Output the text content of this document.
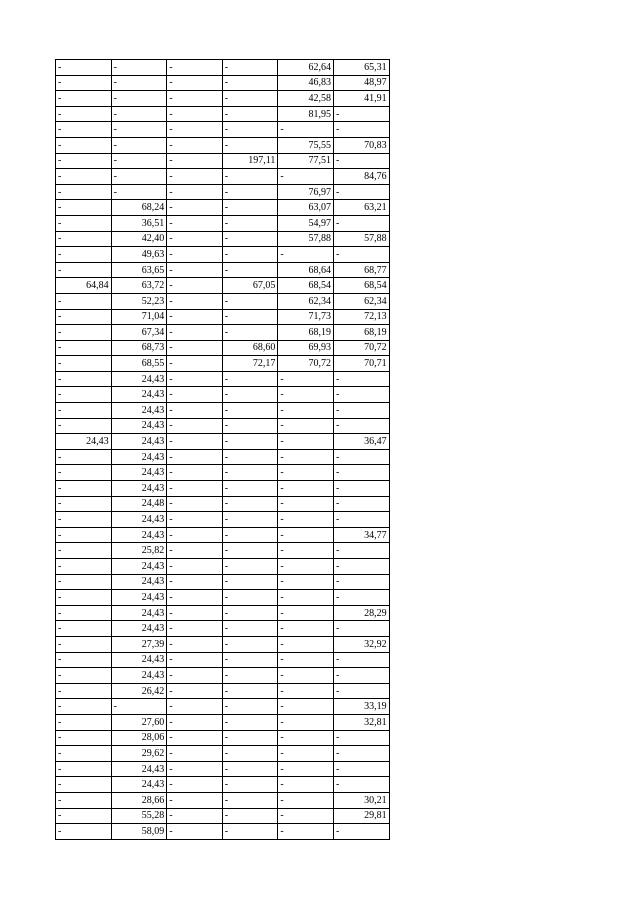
-	-	-	-	62,64	65,31
-	-	-	-	46,83	48,97
-	-	-	-	42,58	41,91
-	-	-	-	81,95	-
-	-	-	-	-	-
-	-	-	-	75,55	70,83
-	-	-	197,11	77,51	-
-	-	-	-	-	84,76
-	-	-	-	76,97	-
-	68,24	-	-	63,07	63,21
-	36,51	-	-	54,97	-
-	42,40	-	-	57,88	57,88
-	49,63	-	-	-	-
-	63,65	-	-	68,64	68,77
64,84	63,72	-	67,05	68,54	68,54
-	52,23	-	-	62,34	62,34
-	71,04	-	-	71,73	72,13
-	67,34	-	-	68,19	68,19
-	68,73	-	68,60	69,93	70,72
-	68,55	-	72,17	70,72	70,71
-	24,43	-	-	-	-
-	24,43	-	-	-	-
-	24,43	-	-	-	-
-	24,43	-	-	-	-
24,43	24,43	-	-	-	36,47
-	24,43	-	-	-	-
-	24,43	-	-	-	-
-	24,43	-	-	-	-
-	24,48	-	-	-	-
-	24,43	-	-	-	-
-	24,43	-	-	-	34,77
-	25,82	-	-	-	-
-	24,43	-	-	-	-
-	24,43	-	-	-	-
-	24,43	-	-	-	-
-	24,43	-	-	-	28,29
-	24,43	-	-	-	-
-	27,39	-	-	-	32,92
-	24,43	-	-	-	-
-	24,43	-	-	-	-
-	26,42	-	-	-	-
-	-	-	-	-	33,19
-	27,60	-	-	-	32,81
-	28,06	-	-	-	-
-	29,62	-	-	-	-
-	24,43	-	-	-	-
-	24,43	-	-	-	-
-	28,66	-	-	-	30,21
-	55,28	-	-	-	29,81
-	58,09	-	-	-	-
